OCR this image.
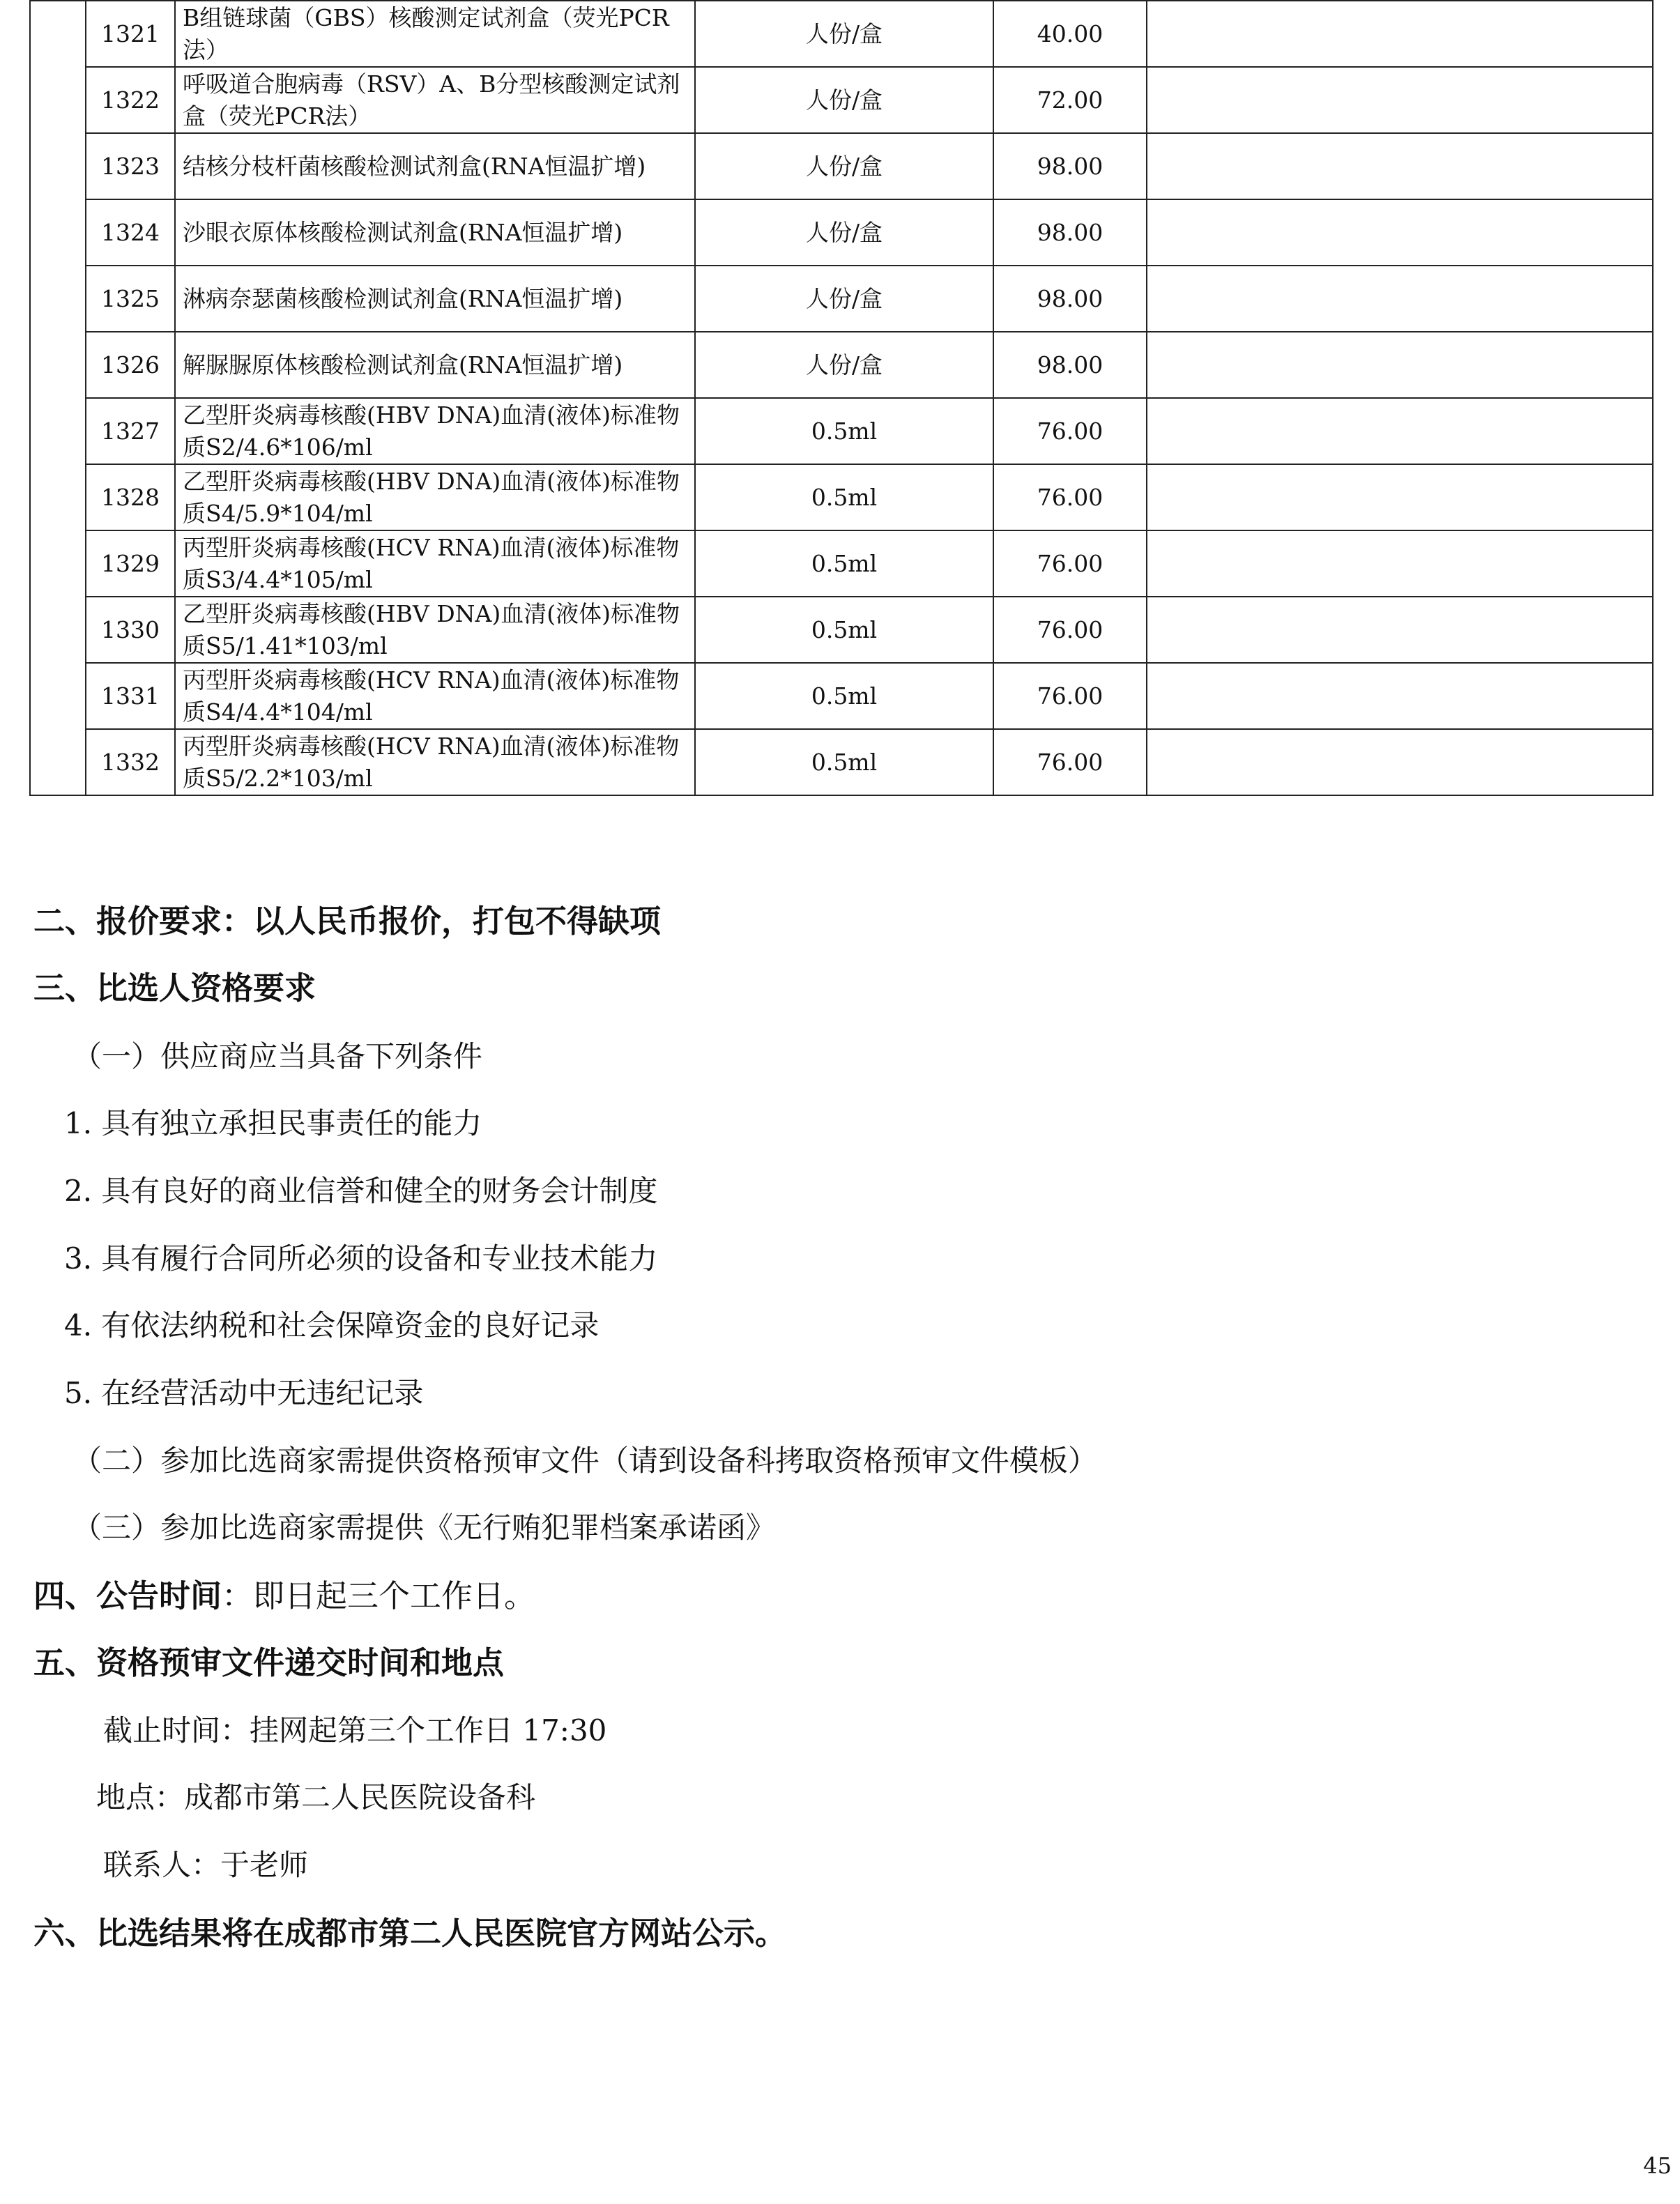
	1321	B组链球菌（GBS）核酸测定试剂盒（荧光PCR法）	人份/盒	40.00	
	1322	呼吸道合胞病毒（RSV）A、B分型核酸测定试剂盒（荧光PCR法）	人份/盒	72.00	
	1323	结核分枝杆菌核酸检测试剂盒(RNA恒温扩增)	人份/盒	98.00	
	1324	沙眼衣原体核酸检测试剂盒(RNA恒温扩增)	人份/盒	98.00	
	1325	淋病奈瑟菌核酸检测试剂盒(RNA恒温扩增)	人份/盒	98.00	
	1326	解脲脲原体核酸检测试剂盒(RNA恒温扩增)	人份/盒	98.00	
	1327	乙型肝炎病毒核酸(HBV DNA)血清(液体)标准物质S2/4.6*106/ml	0.5ml	76.00	
	1328	乙型肝炎病毒核酸(HBV DNA)血清(液体)标准物质S4/5.9*104/ml	0.5ml	76.00	
	1329	丙型肝炎病毒核酸(HCV RNA)血清(液体)标准物质S3/4.4*105/ml	0.5ml	76.00	
	1330	乙型肝炎病毒核酸(HBV DNA)血清(液体)标准物质S5/1.41*103/ml	0.5ml	76.00	
	1331	丙型肝炎病毒核酸(HCV RNA)血清(液体)标准物质S4/4.4*104/ml	0.5ml	76.00	
	1332	丙型肝炎病毒核酸(HCV RNA)血清(液体)标准物质S5/2.2*103/ml	0.5ml	76.00	
二、报价要求：以人民币报价，打包不得缺项
三、比选人资格要求
（一）供应商应当具备下列条件
1. 具有独立承担民事责任的能力
2. 具有良好的商业信誉和健全的财务会计制度
3. 具有履行合同所必须的设备和专业技术能力
4. 有依法纳税和社会保障资金的良好记录
5. 在经营活动中无违纪记录
（二）参加比选商家需提供资格预审文件（请到设备科拷取资格预审文件模板）
（三）参加比选商家需提供《无行贿犯罪档案承诺函》
四、公告时间：即日起三个工作日。
五、资格预审文件递交时间和地点
截止时间：挂网起第三个工作日 17:30
地点：成都市第二人民医院设备科
联系人：于老师
六、比选结果将在成都市第二人民医院官方网站公示。
45
